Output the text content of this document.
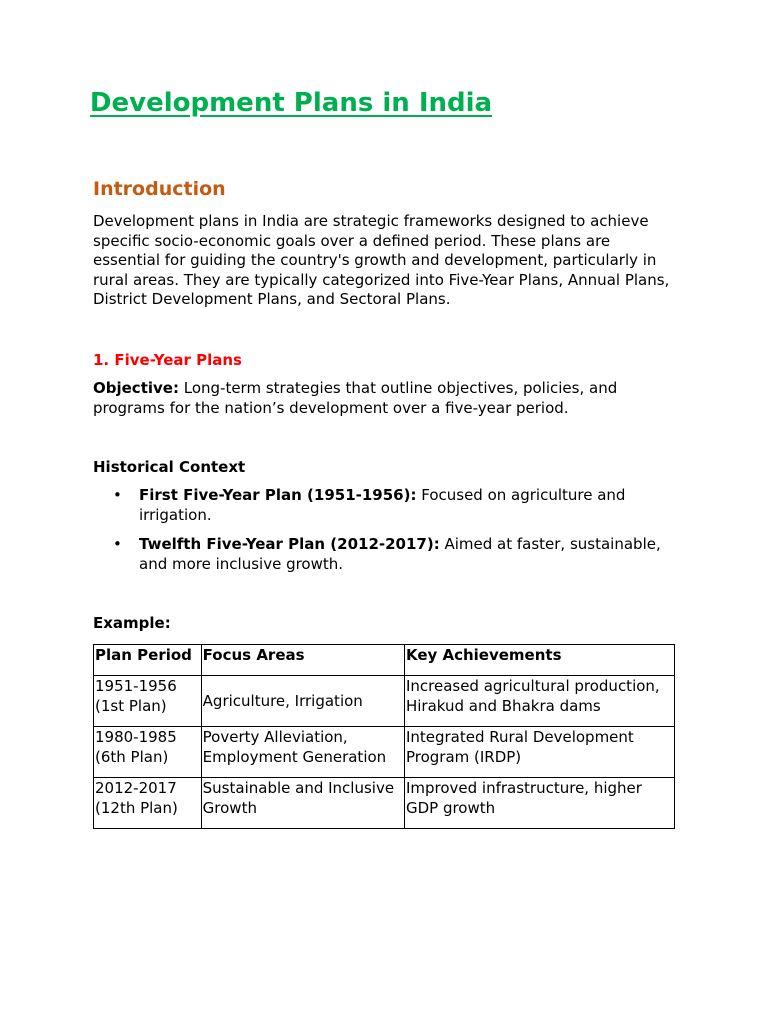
Development Plans in India
Introduction

Development plans in India are strategic frameworks designed to achieve specific socio-economic goals over a defined period. These plans are essential for guiding the country's growth and development, particularly in rural areas. They are typically categorized into Five-Year Plans, Annual Plans, District Development Plans, and Sectoral Plans.

1. Five-Year Plans

Objective: Long-term strategies that outline objectives, policies, and programs for the nation’s development over a five-year period.

Historical Context
• First Five-Year Plan (1951-1956): Focused on agriculture and irrigation.
• Twelfth Five-Year Plan (2012-2017): Aimed at faster, sustainable, and more inclusive growth.
Example:
Plan Period	Focus Areas	Key Achievements
1951-1956 (1st Plan)	Agriculture, Irrigation	Increased agricultural production, Hirakud and Bhakra dams
1980-1985 (6th Plan)	Poverty Alleviation, Employment Generation	Integrated Rural Development Program (IRDP)
2012-2017 (12th Plan)	Sustainable and Inclusive Growth	Improved infrastructure, higher GDP growth
